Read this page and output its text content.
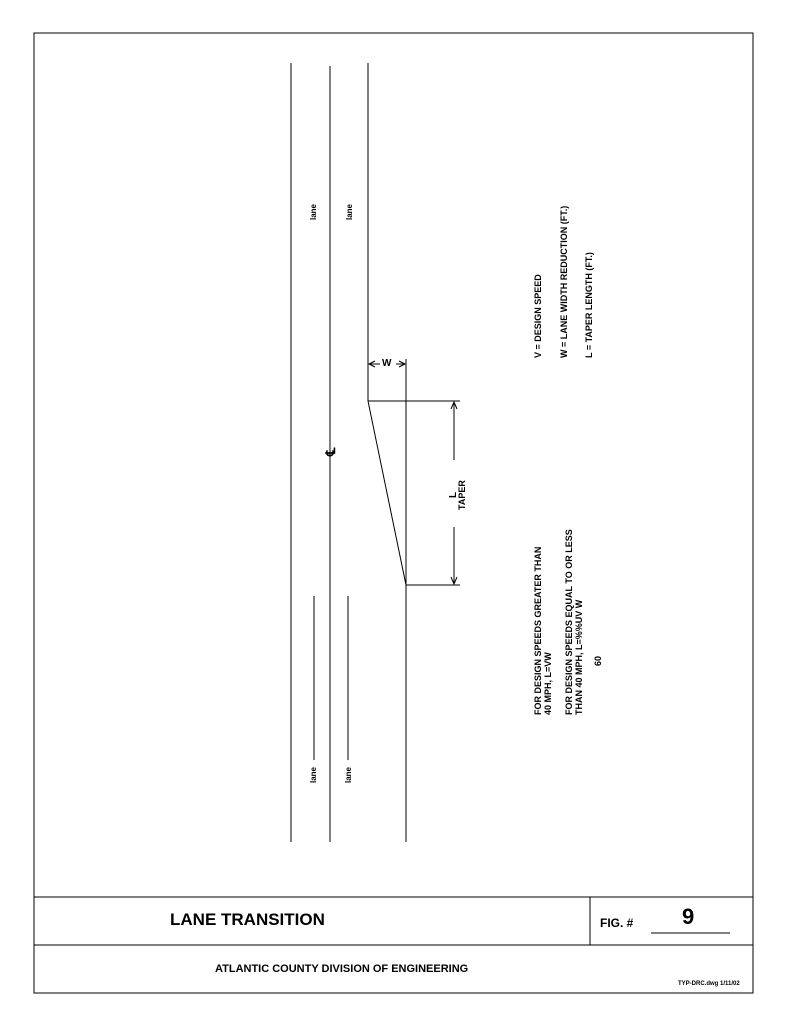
lane	lane
lane	lane
℄
W
L
TAPER
V = DESIGN SPEED W = LANE WIDTH REDUCTION (FT.) L = TAPER LENGTH (FT.)
FOR DESIGN SPEEDS GREATER THAN 40 MPH, L=VW FOR DESIGN SPEEDS EQUAL TO OR LESS THAN 40 MPH, L=%%UV W 60
LANE TRANSITION	FIG. # 9
ATLANTIC COUNTY DIVISION OF ENGINEERING
TYP-DRC.dwg 1/11/02
